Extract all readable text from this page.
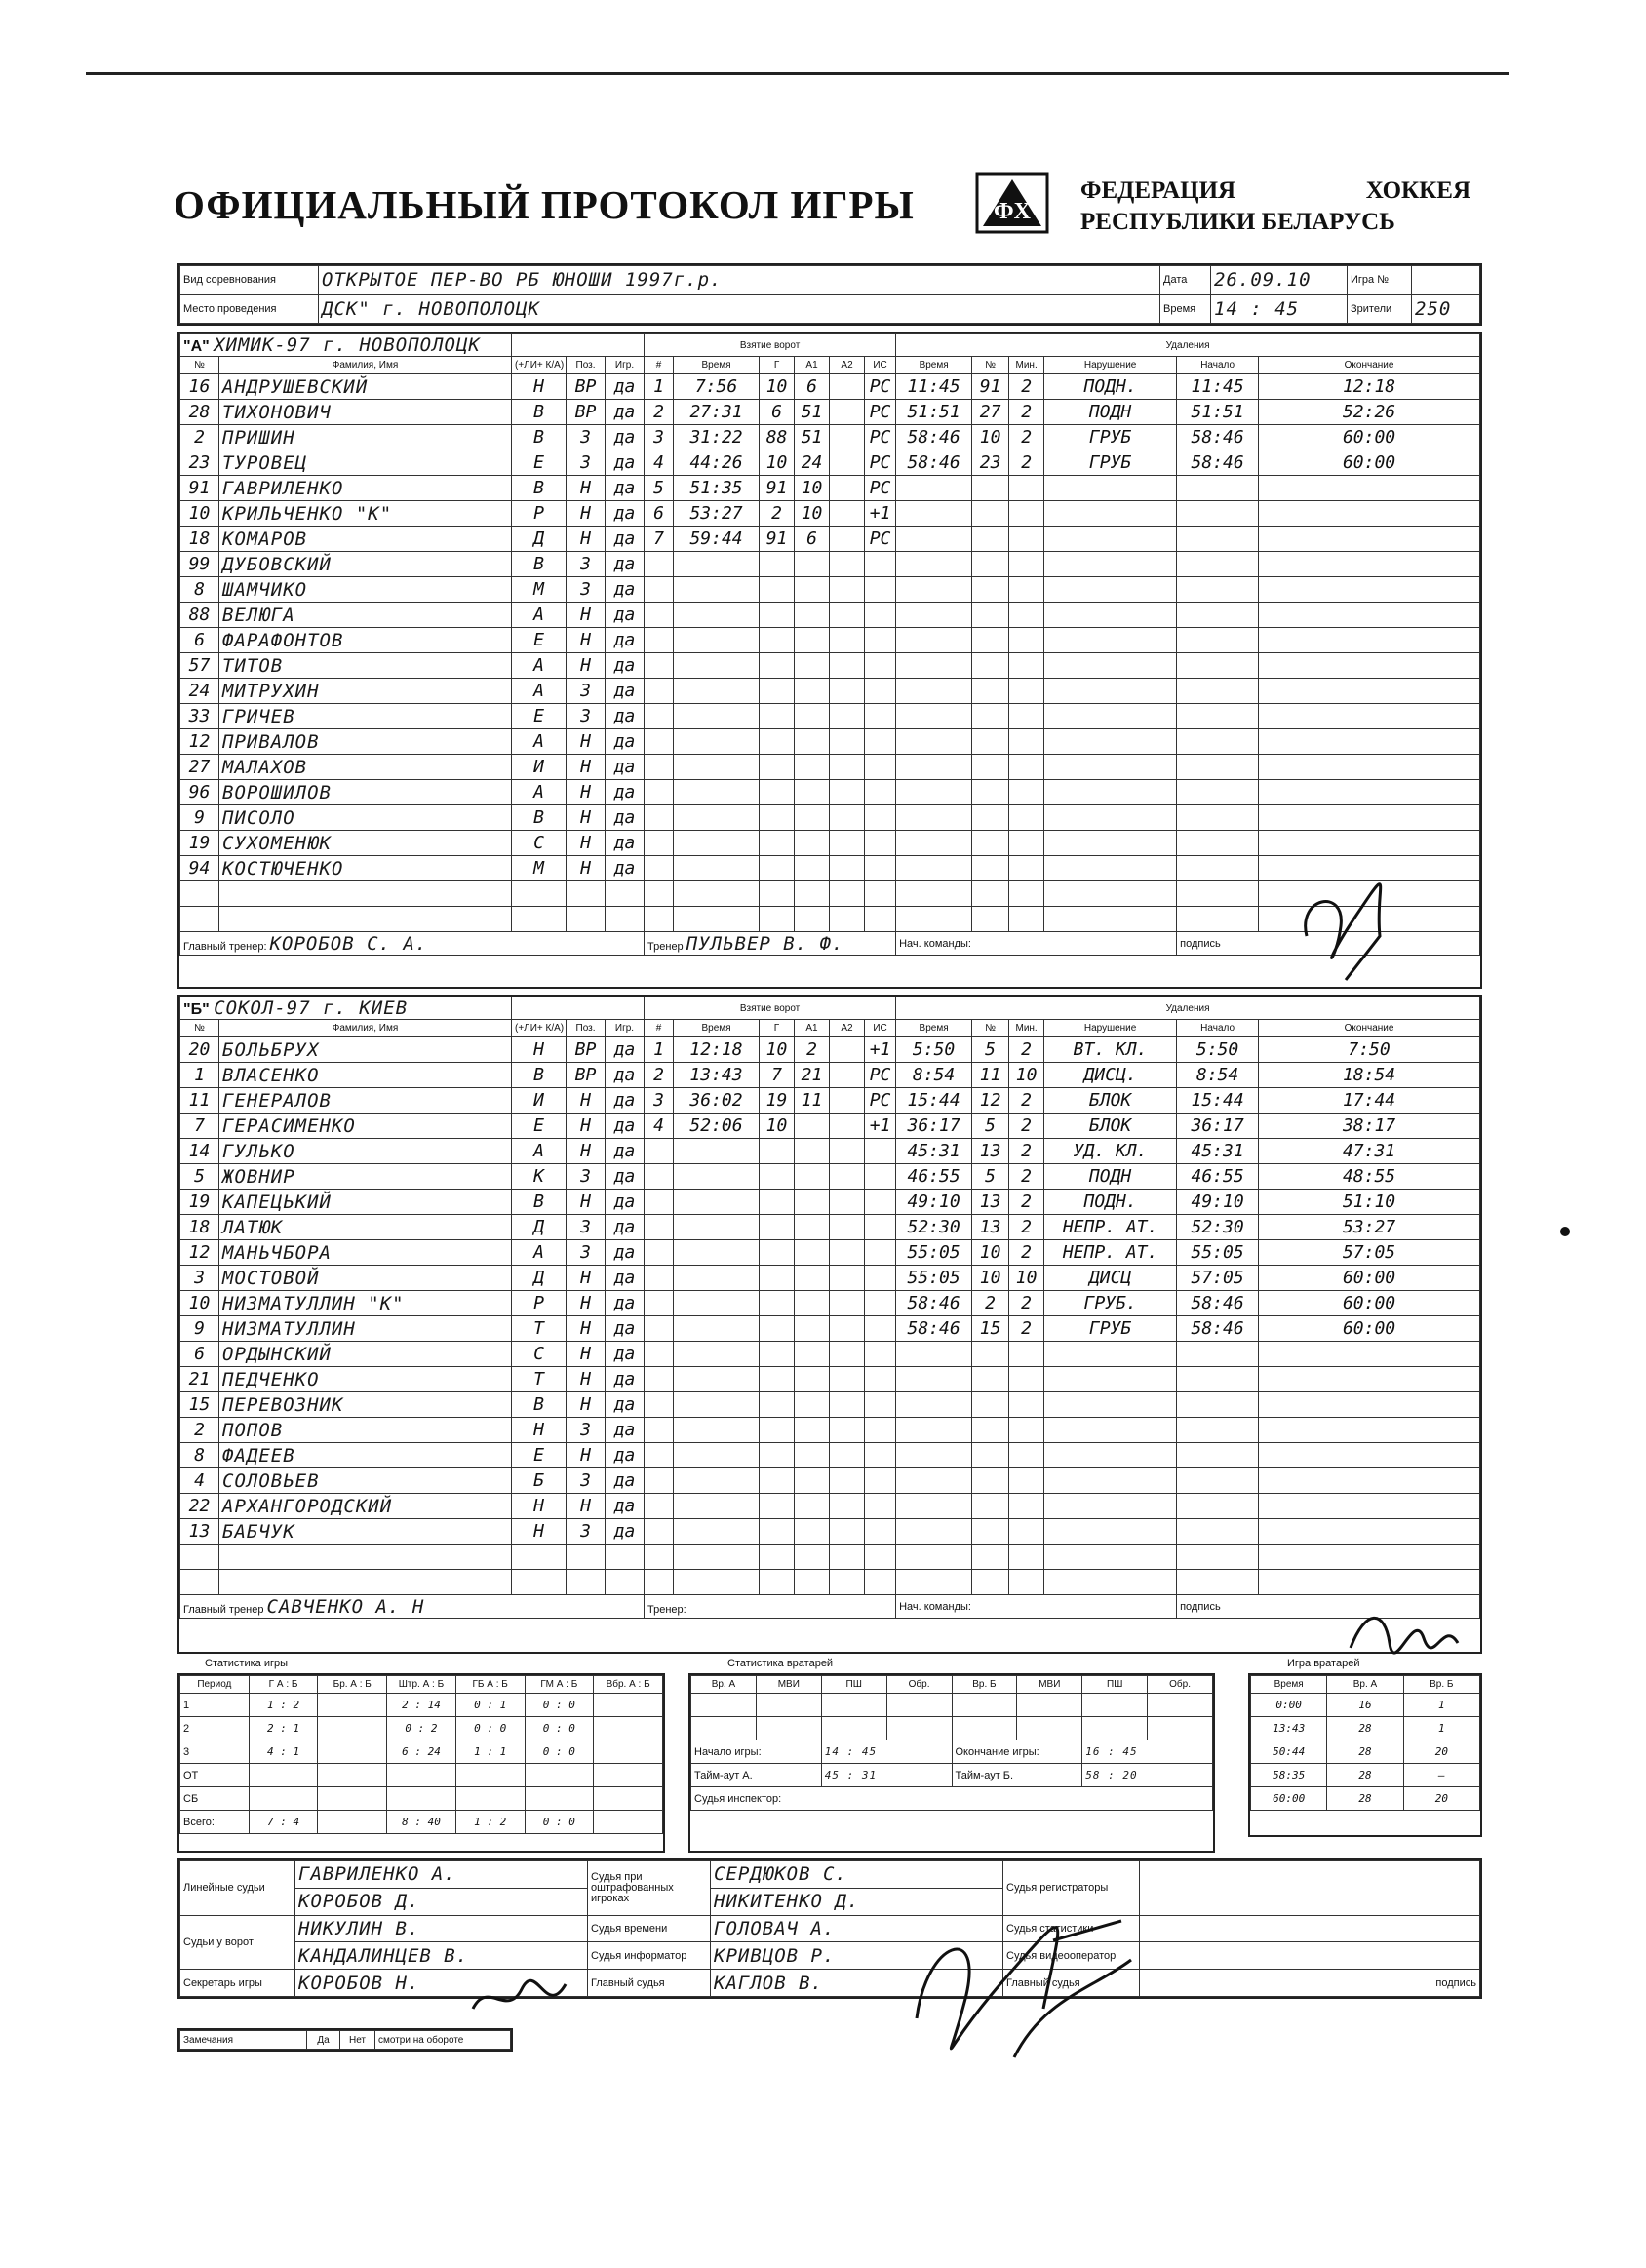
ОФИЦИАЛЬНЫЙ ПРОТОКОЛ ИГРЫ	ФХ
ФЕДЕРАЦИЯ	ХОККЕЯ
РЕСПУБЛИКИ БЕЛАРУСЬ
Вид соревнования	ОТКРЫТОЕ ПЕР-ВО РБ ЮНОШИ 1997г.р.	Дата	26.09.10	Игра №	
Место проведения	ДСК" г. НОВОПОЛОЦК	Время	14 : 45	Зрители	250
"А" ХИМИК-97 г. НОВОПОЛОЦК					Взятие ворот						Удаления					
№	Фамилия, Имя	(+ЛИ+ К/А)	Поз.	Игр.	#	Время	Г	А1	А2	ИС	Время	№	Мин.	Нарушение	Начало	Окончание
16	АНДРУШЕВСКИЙ	Н	ВР	да	1	7:56	10	6		РС	11:45	91	2	ПОДН.	11:45	12:18
28	ТИХОНОВИЧ	В	ВР	да	2	27:31	6	51		РС	51:51	27	2	ПОДН	51:51	52:26
2	ПРИШИН	В	З	да	3	31:22	88	51		РС	58:46	10	2	ГРУБ	58:46	60:00
23	ТУРОВЕЦ	Е	З	да	4	44:26	10	24		РС	58:46	23	2	ГРУБ	58:46	60:00
91	ГАВРИЛЕНКО	В	Н	да	5	51:35	91	10		РС						
10	КРИЛЬЧЕНКО "К"	Р	Н	да	6	53:27	2	10		+1						
18	КОМАРОВ	Д	Н	да	7	59:44	91	6		РС						
99	ДУБОВСКИЙ	В	З	да												
8	ШАМЧИКО	М	З	да												
88	ВЕЛЮГА	А	Н	да												
6	ФАРАФОНТОВ	Е	Н	да												
57	ТИТОВ	А	Н	да												
24	МИТРУХИН	А	З	да												
33	ГРИЧЕВ	Е	З	да												
12	ПРИВАЛОВ	А	Н	да												
27	МАЛАХОВ	И	Н	да												
96	ВОРОШИЛОВ	А	Н	да												
9	ПИСОЛО	В	Н	да												
19	СУХОМЕНЮК	С	Н	да												
94	КОСТЮЧЕНКО	М	Н	да												

Главный тренер: КОРОБОВ С. А.					Тренер ПУЛЬВЕР В. Ф.						Нач. команды:				подпись	
"Б" СОКОЛ-97 г. КИЕВ					Взятие ворот						Удаления					
№	Фамилия, Имя	(+ЛИ+ К/А)	Поз.	Игр.	#	Время	Г	А1	А2	ИС	Время	№	Мин.	Нарушение	Начало	Окончание
20	БОЛЬБРУХ	Н	ВР	да	1	12:18	10	2		+1	5:50	5	2	ВТ. КЛ.	5:50	7:50
1	ВЛАСЕНКО	В	ВР	да	2	13:43	7	21		РС	8:54	11	10	ДИСЦ.	8:54	18:54
11	ГЕНЕРАЛОВ	И	Н	да	3	36:02	19	11		РС	15:44	12	2	БЛОК	15:44	17:44
7	ГЕРАСИМЕНКО	Е	Н	да	4	52:06	10			+1	36:17	5	2	БЛОК	36:17	38:17
14	ГУЛЬКО	А	Н	да							45:31	13	2	УД. КЛ.	45:31	47:31
5	ЖОВНИР	К	З	да							46:55	5	2	ПОДН	46:55	48:55
19	КАПЕЦЬКИЙ	В	Н	да							49:10	13	2	ПОДН.	49:10	51:10
18	ЛАТЮК	Д	З	да							52:30	13	2	НЕПР. АТ.	52:30	53:27
12	МАНЬЧБОРА	А	З	да							55:05	10	2	НЕПР. АТ.	55:05	57:05
3	МОСТОВОЙ	Д	Н	да							55:05	10	10	ДИСЦ	57:05	60:00
10	НИЗМАТУЛЛИН "К"	Р	Н	да							58:46	2	2	ГРУБ.	58:46	60:00
9	НИЗМАТУЛЛИН	Т	Н	да							58:46	15	2	ГРУБ	58:46	60:00
6	ОРДЫНСКИЙ	С	Н	да												
21	ПЕДЧЕНКО	Т	Н	да												
15	ПЕРЕВОЗНИК	В	Н	да												
2	ПОПОВ	Н	З	да												
8	ФАДЕЕВ	Е	Н	да												
4	СОЛОВЬЕВ	Б	З	да												
22	АРХАНГОРОДСКИЙ	Н	Н	да												
13	БАБЧУК	Н	З	да												

Главный тренер САВЧЕНКО А. Н					Тренер:						Нач. команды:				подпись	
Статистика игры
Период	Г А : Б	Бр. А : Б	Штр. А : Б	ГБ А : Б	ГМ А : Б	Вбр. А : Б
1	1 : 2		2 : 14	0 : 1	0 : 0	
2	2 : 1		0 : 2	0 : 0	0 : 0	
3	4 : 1		6 : 24	1 : 1	0 : 0	
ОТ						
СБ						
Всего:	7 : 4		8 : 40	1 : 2	0 : 0	
Статистика вратарей
Вр. А	МВИ	ПШ	Обр.	Вр. Б	МВИ	ПШ	Обр.

Начало игры:		14 : 45		Окончание игры:		16 : 45	
Тайм-аут А.		45 : 31		Тайм-аут Б.		58 : 20	
Судья инспектор:							
Игра вратарей
Время	Вр. А	Вр. Б
0:00	16	1
13:43	28	1
50:44	28	20
58:35	28	—
60:00	28	20
Линейные судьи	ГАВРИЛЕНКО А.	Судья при оштрафованных игроках	СЕРДЮКОВ С.	Судья регистраторы	
	КОРОБОВ Д.		НИКИТЕНКО Д.		
Судьи у ворот	НИКУЛИН В.	Судья времени	ГОЛОВАЧ А.	Судья статистики	
	КАНДАЛИНЦЕВ В.	Судья информатор	КРИВЦОВ Р.	Судья видеооператор	
Секретарь игры	КОРОБОВ Н.	Главный судья	КАГЛОВ В.	Главный судья	подпись
Замечания	Да	Нет	смотри на обороте
